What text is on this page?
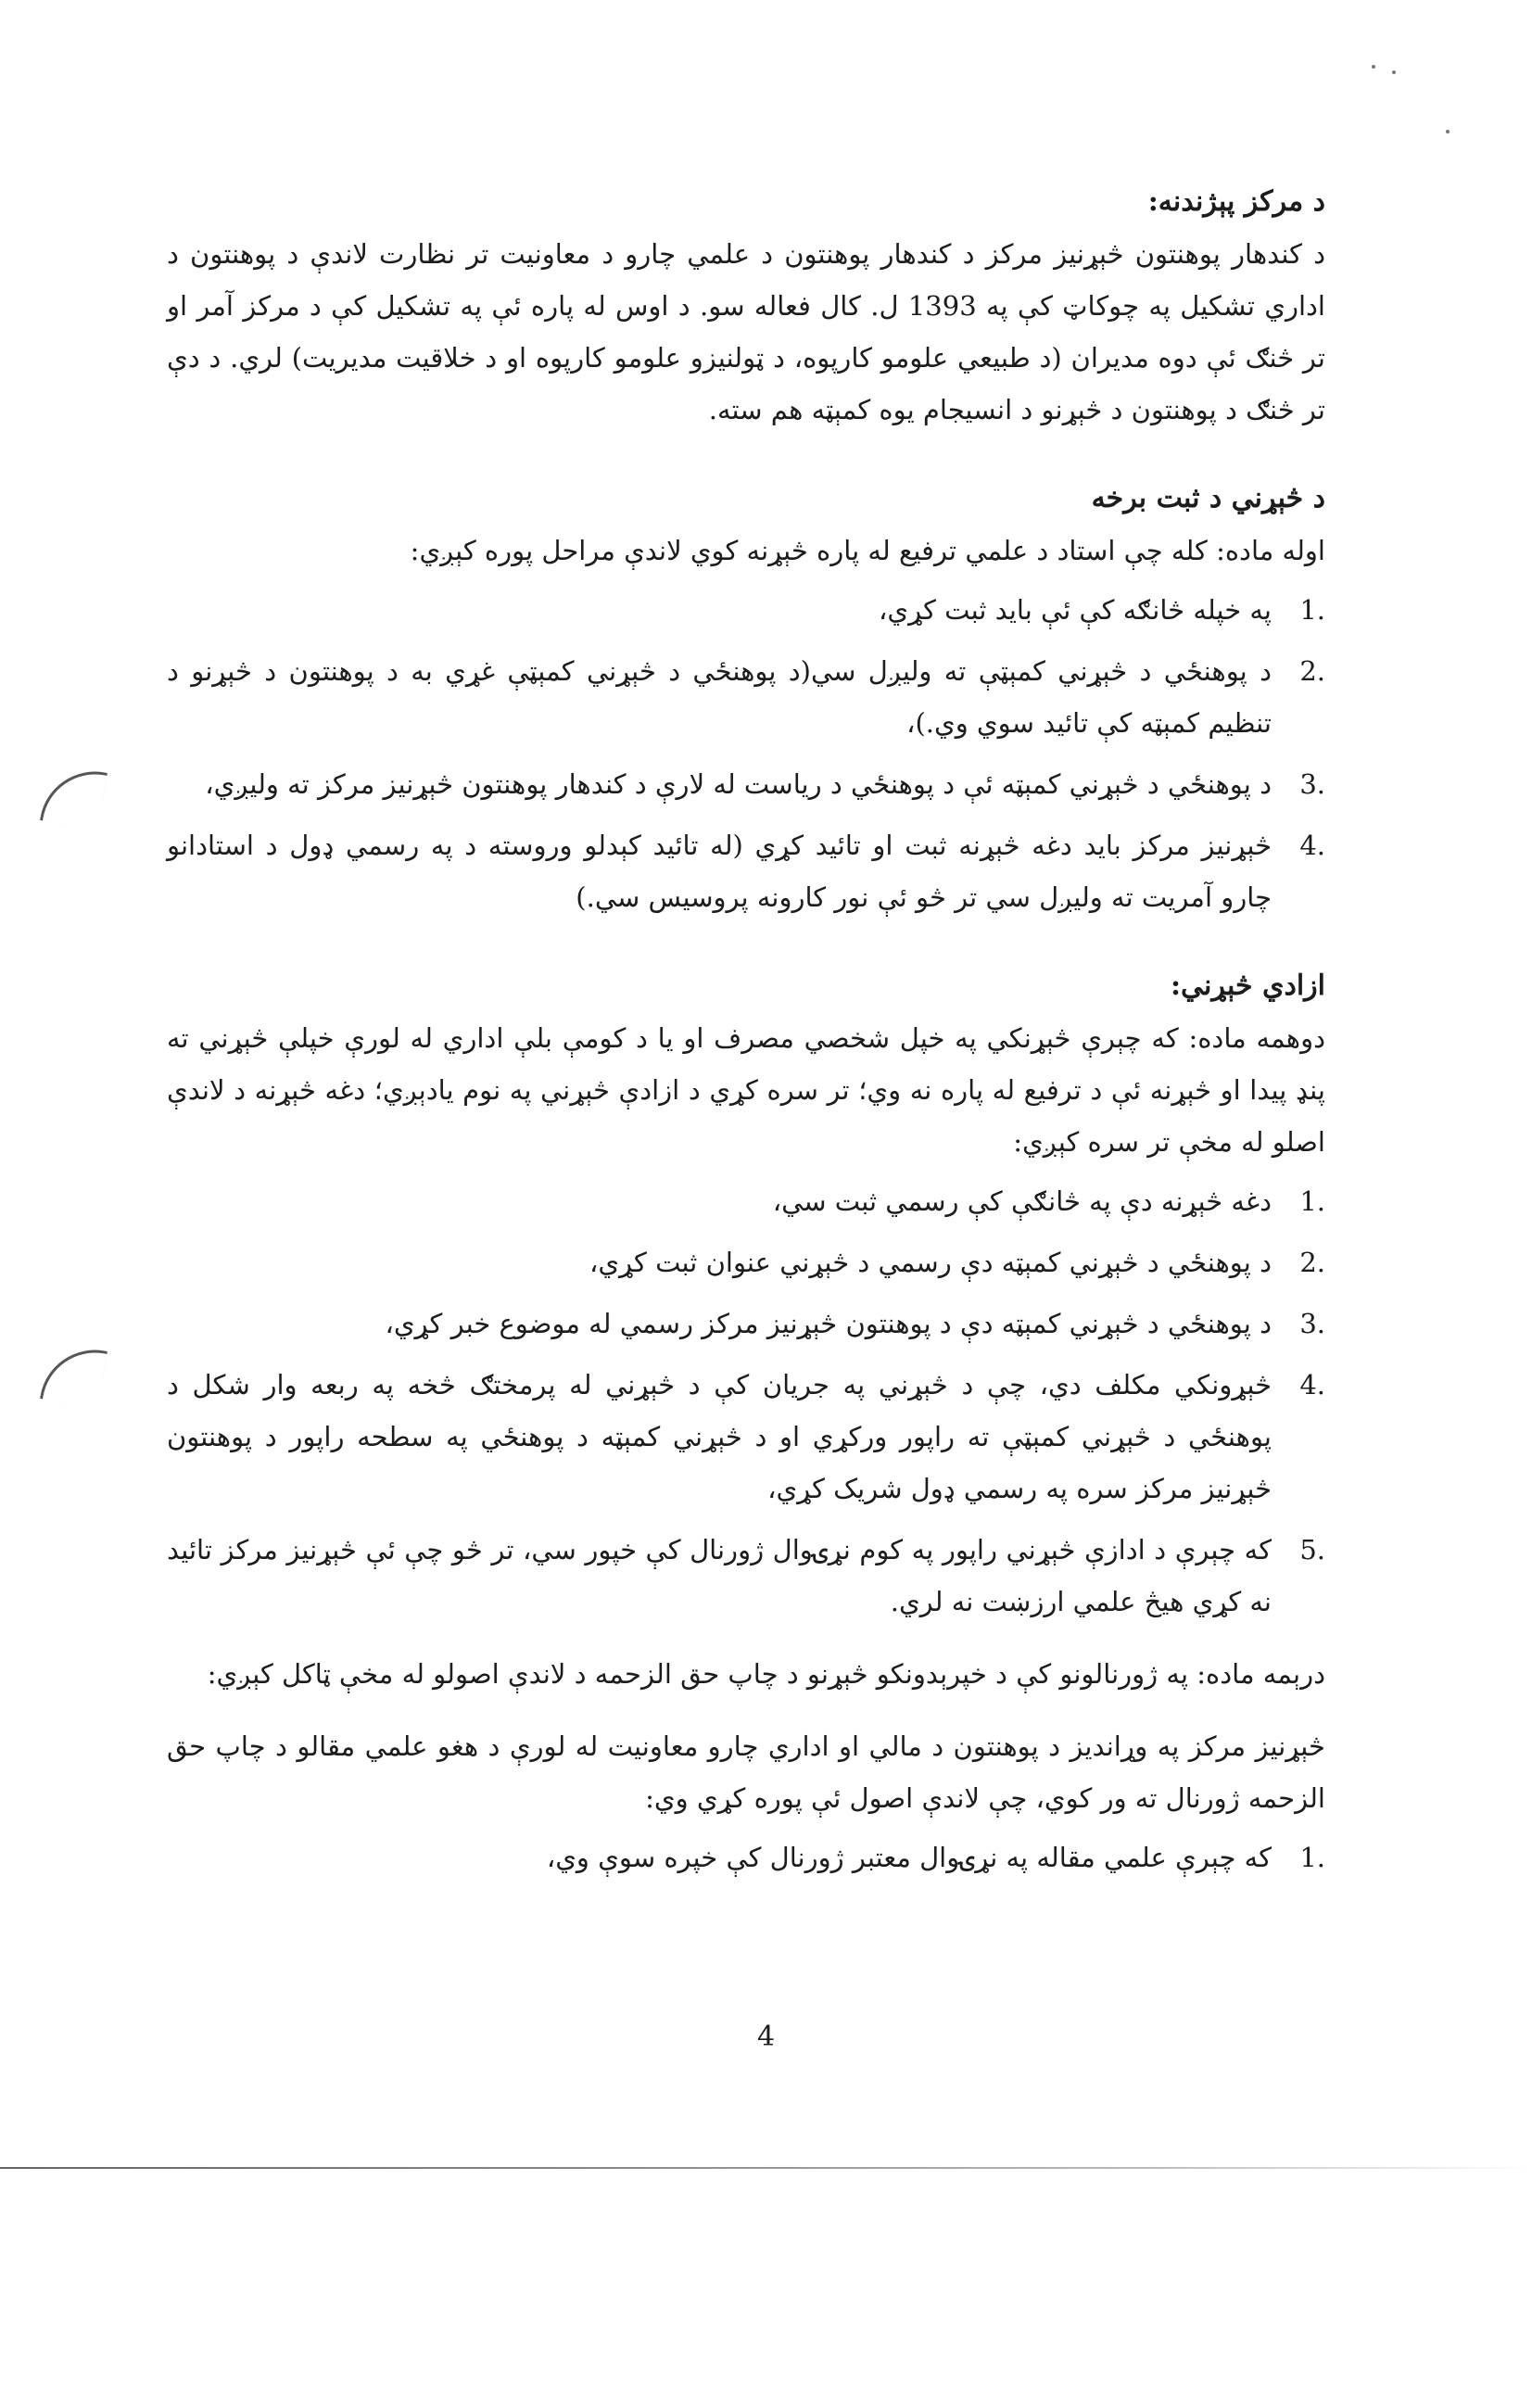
د مرکز پېژندنه:

د کندهار پوهنتون څېړنيز مرکز د کندهار پوهنتون د علمي چارو د معاونيت تر نظارت لاندې د پوهنتون د اداري تشکيل په چوکاټ کې په 1393 ل. کال فعاله سو. د اوس له پاره ئې په تشکيل کې د مرکز آمر او تر څنګ ئې دوه مديران (د طبيعي علومو کارپوه، د ټولنيزو علومو کارپوه او د خلاقيت مديريت) لري. د دې تر څنګ د پوهنتون د څېړنو د انسيجام يوه کمېټه هم سته.

د څېړني د ثبت برخه

اوله ماده: کله چې استاد د علمي ترفيع له پاره څېړنه کوي لاندې مراحل پوره کېږي:

1.
په خپله څانګه کې ئې بايد ثبت کړي،
2.
د پوهنځي د څېړني کمېټې ته وليږل سي(د پوهنځي د څېړني کمېټې غړي به د پوهنتون د څېړنو د تنظيم کمېټه کې تائيد سوي وي.)،
3.
د پوهنځي د څېړني کمېټه ئې د پوهنځي د رياست له لارې د کندهار پوهنتون څېړنيز مرکز ته وليږي،
4.
څېړنيز مرکز بايد دغه څېړنه ثبت او تائيد کړي (له تائيد کېدلو وروسته د په رسمي ډول د استادانو چارو آمريت ته وليږل سي تر څو ئې نور کارونه پروسيس سي.)
ازادي څېړني:

دوهمه ماده: که چېرې څېړنکي په خپل شخصي مصرف او يا د کومې بلې اداري له لورې خپلې څېړني ته پنډ پيدا او څېړنه ئې د ترفيع له پاره نه وي؛ تر سره کړي د ازادې څېړني په نوم يادېږي؛ دغه څېړنه د لاندې اصلو له مخې تر سره کېږي:

1.
دغه څېړنه دې په څانګې کې رسمي ثبت سي،
2.
د پوهنځي د څېړني کمېټه دې رسمي د څېړني عنوان ثبت کړي،
3.
د پوهنځي د څېړني کمېټه دې د پوهنتون څېړنيز مرکز رسمي له موضوع خبر کړي،
4.
څېړونکي مکلف دي، چې د څېړني په جريان کې د څېړني له پرمختګ څخه په ربعه وار شکل د پوهنځي د څېړني کمېټې ته راپور ورکړي او د څېړني کمېټه د پوهنځي په سطحه راپور د پوهنتون څېړنيز مرکز سره په رسمي ډول شريک کړي،
5.
که چېرې د ادازې څېړني راپور په کوم نړۍوال ژورنال کې خپور سي، تر څو چې ئې څېړنيز مرکز تائيد نه کړي هيڅ علمي ارزښت نه لري.

درېمه ماده: په ژورنالونو کې د خپرېدونکو څېړنو د چاپ حق الزحمه د لاندې اصولو له مخې ټاکل کېږي:

څېړنيز مرکز په وړانديز د پوهنتون د مالي او اداري چارو معاونيت له لورې د هغو علمي مقالو د چاپ حق الزحمه ژورنال ته ور کوي، چې لاندې اصول ئې پوره کړي وي:

1.
که چېرې علمي مقاله په نړۍوال معتبر ژورنال کې خپره سوې وي،
4
